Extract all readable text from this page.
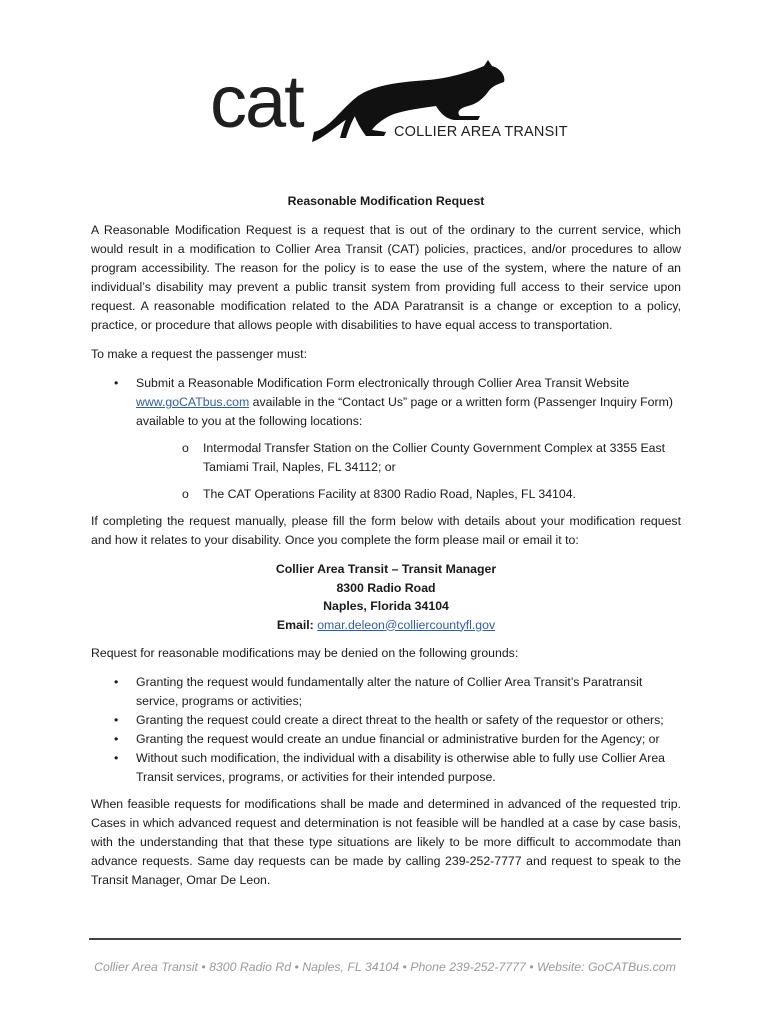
cat	COLLIER AREA TRANSIT
Reasonable Modification Request

A Reasonable Modification Request is a request that is out of the ordinary to the current service, which would result in a modification to Collier Area Transit (CAT) policies, practices, and/or procedures to allow program accessibility. The reason for the policy is to ease the use of the system, where the nature of an individual’s disability may prevent a public transit system from providing full access to their service upon request. A reasonable modification related to the ADA Paratransit is a change or exception to a policy, practice, or procedure that allows people with disabilities to have equal access to transportation.

To make a request the passenger must:

• Submit a Reasonable Modification Form electronically through Collier Area Transit Website www.goCATbus.com available in the “Contact Us” page or a written form (Passenger Inquiry Form) available to you at the following locations:
o Intermodal Transfer Station on the Collier County Government Complex at 3355 East Tamiami Trail, Naples, FL 34112; or
o The CAT Operations Facility at 8300 Radio Road, Naples, FL 34104.

If completing the request manually, please fill the form below with details about your modification request and how it relates to your disability. Once you complete the form please mail or email it to:

Collier Area Transit – Transit Manager
8300 Radio Road
Naples, Florida 34104
Email: omar.deleon@colliercountyfl.gov

Request for reasonable modifications may be denied on the following grounds:

• Granting the request would fundamentally alter the nature of Collier Area Transit’s Paratransit service, programs or activities;
• Granting the request could create a direct threat to the health or safety of the requestor or others;
• Granting the request would create an undue financial or administrative burden for the Agency; or
• Without such modification, the individual with a disability is otherwise able to fully use Collier Area Transit services, programs, or activities for their intended purpose.

When feasible requests for modifications shall be made and determined in advanced of the requested trip. Cases in which advanced request and determination is not feasible will be handled at a case by case basis, with the understanding that that these type situations are likely to be more difficult to accommodate than advance requests. Same day requests can be made by calling 239-252-7777 and request to speak to the Transit Manager, Omar De Leon.

Collier Area Transit • 8300 Radio Rd • Naples, FL 34104 • Phone 239-252-7777 • Website: GoCATBus.com
